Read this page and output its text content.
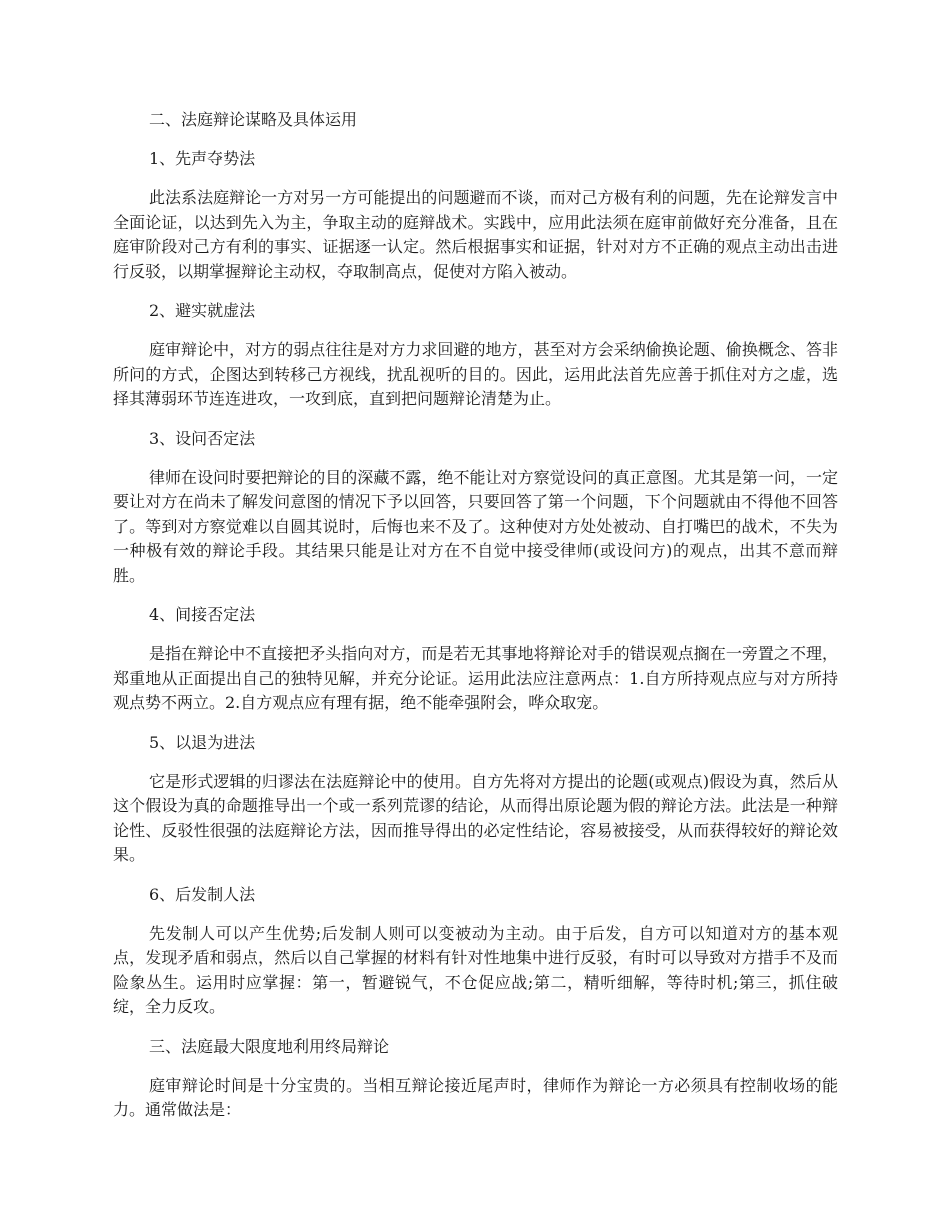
二、法庭辩论谋略及具体运用
1、先声夺势法

此法系法庭辩论一方对另一方可能提出的问题避而不谈，而对己方极有利的问题，先在论辩发言中全面论证，以达到先入为主，争取主动的庭辩战术。实践中，应用此法须在庭审前做好充分准备，且在庭审阶段对己方有利的事实、证据逐一认定。然后根据事实和证据，针对对方不正确的观点主动出击进行反驳，以期掌握辩论主动权，夺取制高点，促使对方陷入被动。

2、避实就虚法

庭审辩论中，对方的弱点往往是对方力求回避的地方，甚至对方会采纳偷换论题、偷换概念、答非所问的方式，企图达到转移己方视线，扰乱视听的目的。因此，运用此法首先应善于抓住对方之虚，选择其薄弱环节连连进攻，一攻到底，直到把问题辩论清楚为止。

3、设问否定法

律师在设问时要把辩论的目的深藏不露，绝不能让对方察觉设问的真正意图。尤其是第一问，一定要让对方在尚未了解发问意图的情况下予以回答，只要回答了第一个问题，下个问题就由不得他不回答了。等到对方察觉难以自圆其说时，后悔也来不及了。这种使对方处处被动、自打嘴巴的战术，不失为一种极有效的辩论手段。其结果只能是让对方在不自觉中接受律师(或设问方)的观点，出其不意而辩胜。

4、间接否定法

是指在辩论中不直接把矛头指向对方，而是若无其事地将辩论对手的错误观点搁在一旁置之不理，郑重地从正面提出自己的独特见解，并充分论证。运用此法应注意两点：1.自方所持观点应与对方所持观点势不两立。2.自方观点应有理有据，绝不能牵强附会，哗众取宠。

5、以退为进法

它是形式逻辑的归谬法在法庭辩论中的使用。自方先将对方提出的论题(或观点)假设为真，然后从这个假设为真的命题推导出一个或一系列荒谬的结论，从而得出原论题为假的辩论方法。此法是一种辩论性、反驳性很强的法庭辩论方法，因而推导得出的必定性结论，容易被接受，从而获得较好的辩论效果。

6、后发制人法

先发制人可以产生优势;后发制人则可以变被动为主动。由于后发，自方可以知道对方的基本观点，发现矛盾和弱点，然后以自己掌握的材料有针对性地集中进行反驳，有时可以导致对方措手不及而险象丛生。运用时应掌握：第一，暂避锐气，不仓促应战;第二，精听细解，等待时机;第三，抓住破绽，全力反攻。

三、法庭最大限度地利用终局辩论

庭审辩论时间是十分宝贵的。当相互辩论接近尾声时，律师作为辩论一方必须具有控制收场的能力。通常做法是：
